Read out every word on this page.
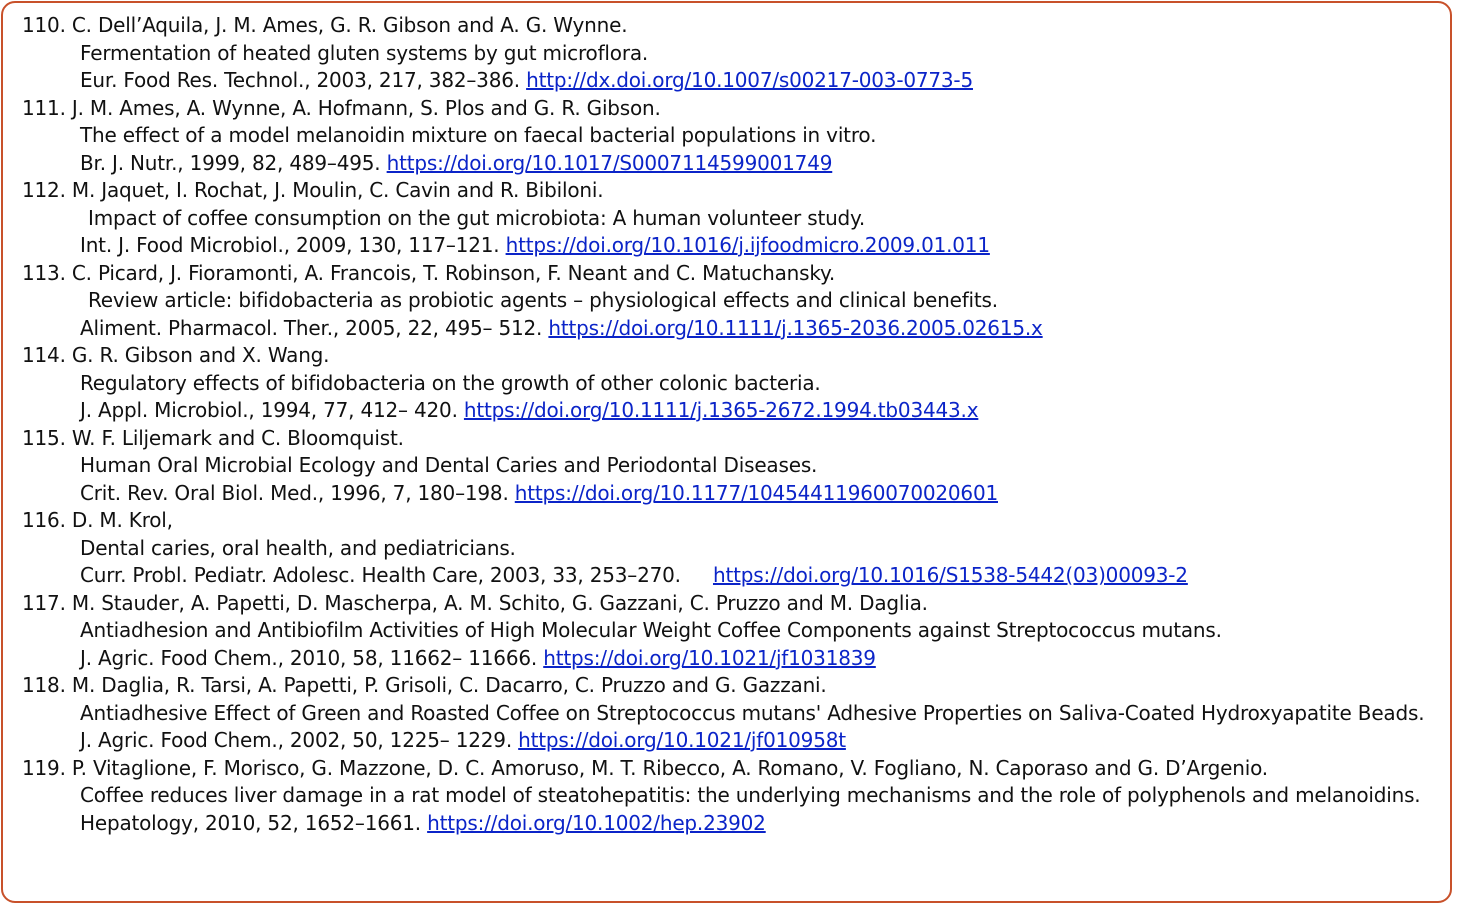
110. C. Dell’Aquila, J. M. Ames, G. R. Gibson and A. G. Wynne.
Fermentation of heated gluten systems by gut microflora.
Eur. Food Res. Technol., 2003, 217, 382–386. http://dx.doi.org/10.1007/s00217-003-0773-5
111. J. M. Ames, A. Wynne, A. Hofmann, S. Plos and G. R. Gibson.
The effect of a model melanoidin mixture on faecal bacterial populations in vitro.
Br. J. Nutr., 1999, 82, 489–495. https://doi.org/10.1017/S0007114599001749
112. M. Jaquet, I. Rochat, J. Moulin, C. Cavin and R. Bibiloni.
Impact of coffee consumption on the gut microbiota: A human volunteer study.
Int. J. Food Microbiol., 2009, 130, 117–121. https://doi.org/10.1016/j.ijfoodmicro.2009.01.011
113. C. Picard, J. Fioramonti, A. Francois, T. Robinson, F. Neant and C. Matuchansky.
Review article: bifidobacteria as probiotic agents – physiological effects and clinical benefits.
Aliment. Pharmacol. Ther., 2005, 22, 495– 512. https://doi.org/10.1111/j.1365-2036.2005.02615.x
114. G. R. Gibson and X. Wang.
Regulatory effects of bifidobacteria on the growth of other colonic bacteria.
J. Appl. Microbiol., 1994, 77, 412– 420. https://doi.org/10.1111/j.1365-2672.1994.tb03443.x
115. W. F. Liljemark and C. Bloomquist.
Human Oral Microbial Ecology and Dental Caries and Periodontal Diseases.
Crit. Rev. Oral Biol. Med., 1996, 7, 180–198. https://doi.org/10.1177/10454411960070020601
116. D. M. Krol,
Dental caries, oral health, and pediatricians.
Curr. Probl. Pediatr. Adolesc. Health Care, 2003, 33, 253–270. https://doi.org/10.1016/S1538-5442(03)00093-2
117. M. Stauder, A. Papetti, D. Mascherpa, A. M. Schito, G. Gazzani, C. Pruzzo and M. Daglia.
Antiadhesion and Antibiofilm Activities of High Molecular Weight Coffee Components against Streptococcus mutans.
J. Agric. Food Chem., 2010, 58, 11662– 11666. https://doi.org/10.1021/jf1031839
118. M. Daglia, R. Tarsi, A. Papetti, P. Grisoli, C. Dacarro, C. Pruzzo and G. Gazzani.
Antiadhesive Effect of Green and Roasted Coffee on Streptococcus mutans' Adhesive Properties on Saliva-Coated Hydroxyapatite Beads.
J. Agric. Food Chem., 2002, 50, 1225– 1229. https://doi.org/10.1021/jf010958t
119. P. Vitaglione, F. Morisco, G. Mazzone, D. C. Amoruso, M. T. Ribecco, A. Romano, V. Fogliano, N. Caporaso and G. D’Argenio.
Coffee reduces liver damage in a rat model of steatohepatitis: the underlying mechanisms and the role of polyphenols and melanoidins.
Hepatology, 2010, 52, 1652–1661. https://doi.org/10.1002/hep.23902
